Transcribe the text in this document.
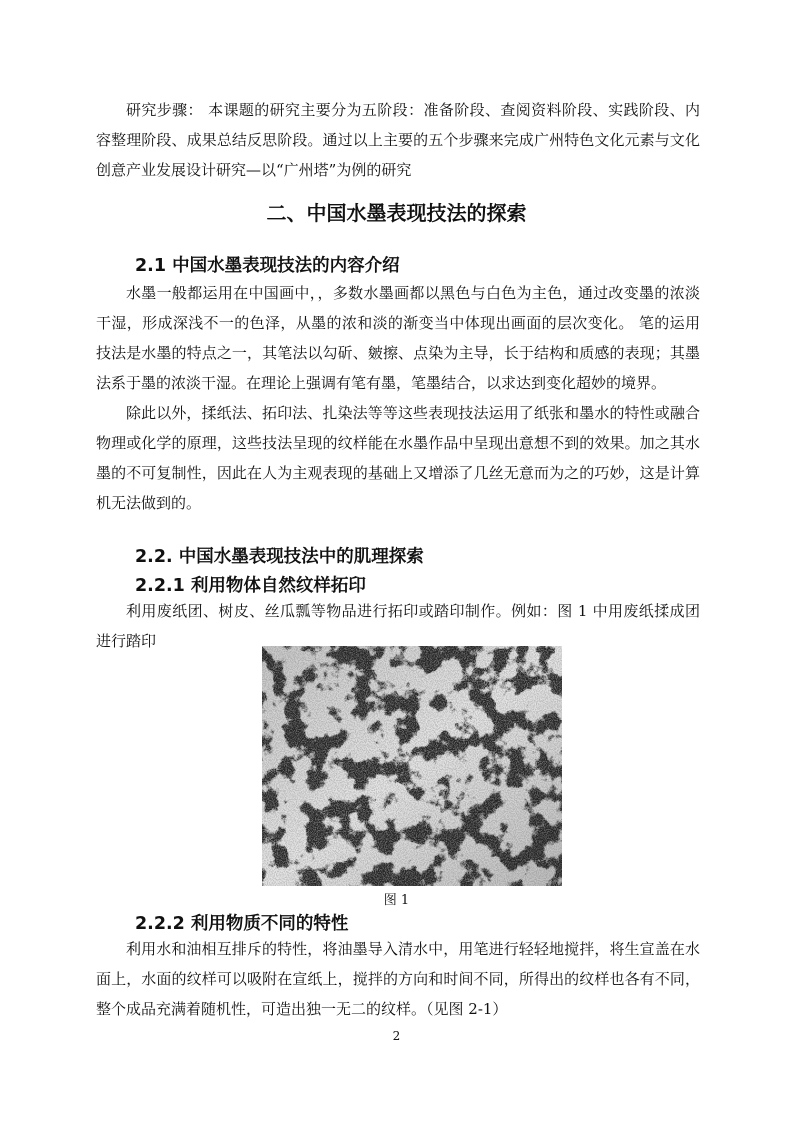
研究步骤： 本课题的研究主要分为五阶段：准备阶段、查阅资料阶段、实践阶段、内容整理阶段、成果总结反思阶段。通过以上主要的五个步骤来完成广州特色文化元素与文化创意产业发展设计研究—以“广州塔”为例的研究

二、中国水墨表现技法的探索
2.1 中国水墨表现技法的内容介绍

水墨一般都运用在中国画中，，多数水墨画都以黑色与白色为主色，通过改变墨的浓淡干湿，形成深浅不一的色泽，从墨的浓和淡的渐变当中体现出画面的层次变化。 笔的运用技法是水墨的特点之一，其笔法以勾斫、皴擦、点染为主导，长于结构和质感的表现；其墨法系于墨的浓淡干湿。在理论上强调有笔有墨，笔墨结合，以求达到变化超妙的境界。

除此以外，揉纸法、拓印法、扎染法等等这些表现技法运用了纸张和墨水的特性或融合物理或化学的原理，这些技法呈现的纹样能在水墨作品中呈现出意想不到的效果。加之其水墨的不可复制性，因此在人为主观表现的基础上又增添了几丝无意而为之的巧妙，这是计算机无法做到的。

2.2. 中国水墨表现技法中的肌理探索
2.2.1 利用物体自然纹样拓印

利用废纸团、树皮、丝瓜瓢等物品进行拓印或踏印制作。例如：图 1 中用废纸揉成团进行踏印

图 1
2.2.2 利用物质不同的特性

利用水和油相互排斥的特性，将油墨导入清水中，用笔进行轻轻地搅拌，将生宣盖在水面上，水面的纹样可以吸附在宣纸上，搅拌的方向和时间不同，所得出的纹样也各有不同，整个成品充满着随机性，可造出独一无二的纹样。（见图 2-1）

2
